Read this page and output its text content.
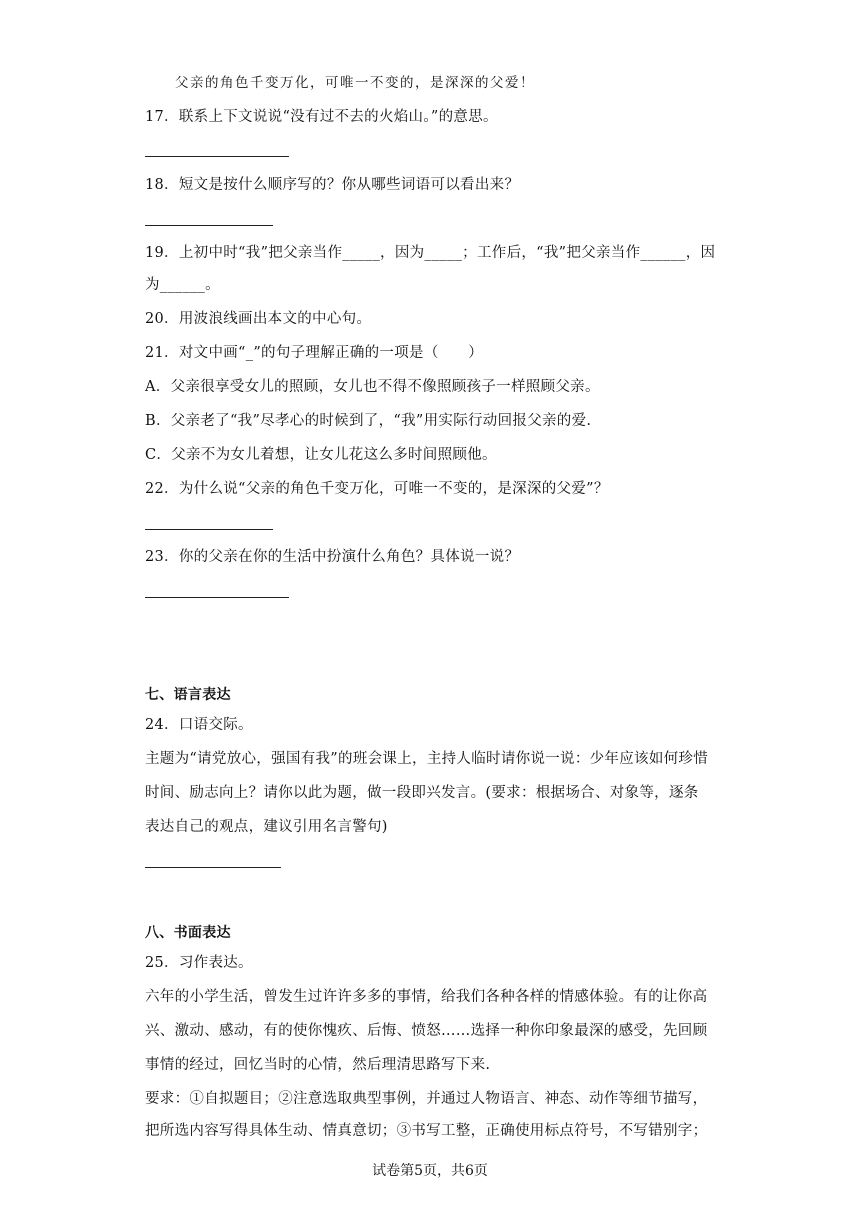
父亲的角色千变万化，可唯一不变的，是深深的父爱！
17．联系上下文说说“没有过不去的火焰山。”的意思。
18．短文是按什么顺序写的？你从哪些词语可以看出来？
19．上初中时“我”把父亲当作_____，因为_____；工作后，“我”把父亲当作______，因
为______。
20．用波浪线画出本文的中心句。
21．对文中画“_”的句子理解正确的一项是（　　）
A．父亲很享受女儿的照顾，女儿也不得不像照顾孩子一样照顾父亲。
B．父亲老了“我”尽孝心的时候到了，“我”用实际行动回报父亲的爱.
C．父亲不为女儿着想，让女儿花这么多时间照顾他。
22．为什么说“父亲的角色千变万化，可唯一不变的，是深深的父爱”？
23．你的父亲在你的生活中扮演什么角色？具体说一说？
七、语言表达
24．口语交际。
主题为“请党放心，强国有我”的班会课上，主持人临时请你说一说：少年应该如何珍惜
时间、励志向上？请你以此为题，做一段即兴发言。(要求：根据场合、对象等，逐条
表达自己的观点，建议引用名言警句)
八、书面表达
25．习作表达。
六年的小学生活，曾发生过许许多多的事情，给我们各种各样的情感体验。有的让你高
兴、激动、感动，有的使你愧疚、后悔、愤怒……选择一种你印象最深的感受，先回顾
事情的经过，回忆当时的心情，然后理清思路写下来.
要求：①自拟题目；②注意选取典型事例，并通过人物语言、神态、动作等细节描写，
把所选内容写得具体生动、情真意切；③书写工整，正确使用标点符号，不写错别字；
试卷第5页，共6页
